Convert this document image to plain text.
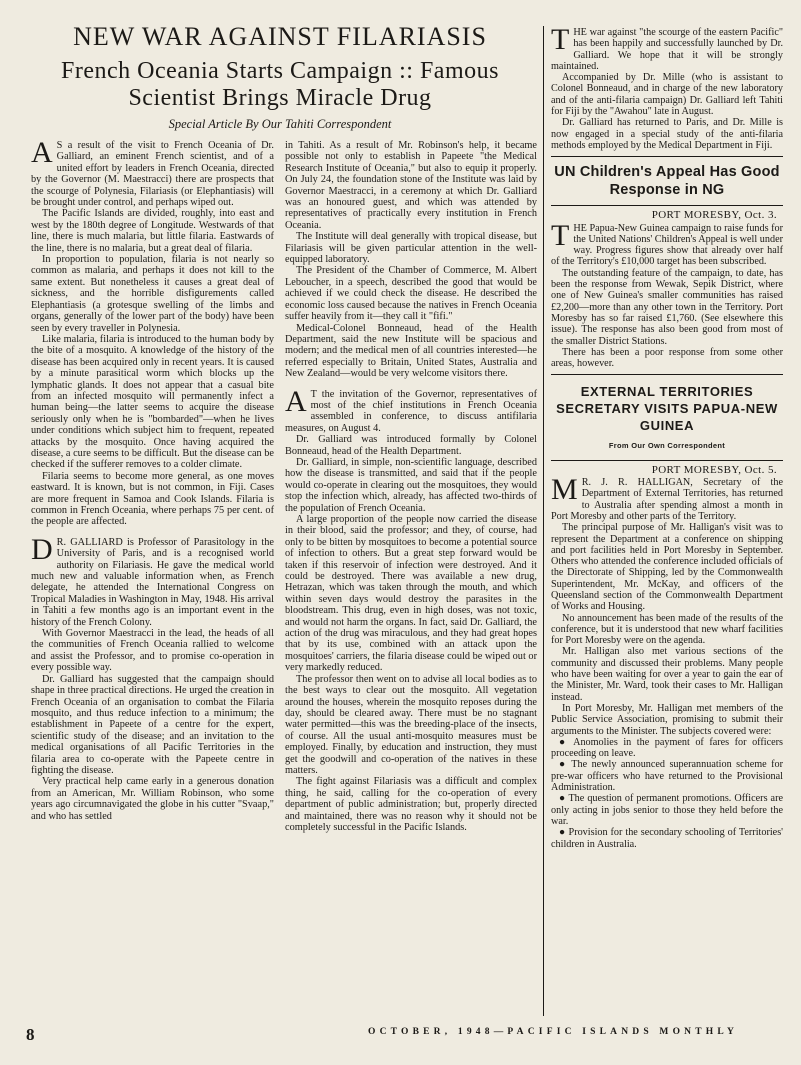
NEW WAR AGAINST FILARIASIS
French Oceania Starts Campaign :: Famous
Scientist Brings Miracle Drug
Special Article By Our Tahiti Correspondent

A S a result of the visit to French Oceania of Dr. Galliard, an eminent French scientist, and of a united effort by leaders in French Oceania, directed by the Governor (M. Maestracci) there are prospects that the scourge of Polynesia, Filariasis (or Elephantiasis) will be brought under control, and perhaps wiped out.

The Pacific Islands are divided, roughly, into east and west by the 180th degree of Longitude. Westwards of that line, there is much malaria, but little filaria. Eastwards of the line, there is no malaria, but a great deal of filaria.

In proportion to population, filaria is not nearly so common as malaria, and perhaps it does not kill to the same extent. But nonetheless it causes a great deal of sickness, and the horrible disfigurements called Elephantiasis (a grotesque swelling of the limbs and organs, generally of the lower part of the body) have been seen by every traveller in Polynesia.

Like malaria, filaria is introduced to the human body by the bite of a mosquito. A knowledge of the history of the disease has been acquired only in recent years. It is caused by a minute parasitical worm which blocks up the lymphatic glands. It does not appear that a casual bite from an infected mosquito will permanently infect a human being—the latter seems to acquire the disease seriously only when he is "bombarded"—when he lives under conditions which subject him to frequent, repeated attacks by the mosquito. Once having acquired the disease, a cure seems to be difficult. But the disease can be checked if the sufferer removes to a colder climate.

Filaria seems to become more general, as one moves eastward. It is known, but is not common, in Fiji. Cases are more frequent in Samoa and Cook Islands. Filaria is common in French Oceania, where perhaps 75 per cent. of the people are affected.

D R. GALLIARD is Professor of Parasitology in the University of Paris, and is a recognised world authority on Filariasis. He gave the medical world much new and valuable information when, as French delegate, he attended the International Congress on Tropical Maladies in Washington in May, 1948. His arrival in Tahiti a few months ago is an important event in the history of the French Colony.

With Governor Maestracci in the lead, the heads of all the communities of French Oceania rallied to welcome and assist the Professor, and to promise co-operation in every possible way.

Dr. Galliard has suggested that the campaign should shape in three practical directions. He urged the creation in French Oceania of an organisation to combat the Filaria mosquito, and thus reduce infection to a minimum; the establishment in Papeete of a centre for the expert, scientific study of the disease; and an invitation to the medical organisations of all Pacific Territories in the filaria area to co-operate with the Papeete centre in fighting the disease.

Very practical help came early in a generous donation from an American, Mr. William Robinson, who some years ago circumnavigated the globe in his cutter "Svaap," and who has settled

in Tahiti. As a result of Mr. Robinson's help, it became possible not only to establish in Papeete "the Medical Research Institute of Oceania," but also to equip it properly. On July 24, the foundation stone of the Institute was laid by Governor Maestracci, in a ceremony at which Dr. Galliard was an honoured guest, and which was attended by representatives of practically every institution in French Oceania.

The Institute will deal generally with tropical disease, but Filariasis will be given particular attention in the well-equipped laboratory.

The President of the Chamber of Commerce, M. Albert Leboucher, in a speech, described the good that would be achieved if we could check the disease. He described the economic loss caused because the natives in French Oceania suffer heavily from it—they call it "fifi."

Medical-Colonel Bonneaud, head of the Health Department, said the new Institute will be spacious and modern; and the medical men of all countries interested—he referred especially to Britain, United States, Australia and New Zealand—would be very welcome visitors there.

A T the invitation of the Governor, representatives of most of the chief institutions in French Oceania assembled in conference, to discuss antifilaria measures, on August 4.

Dr. Galliard was introduced formally by Colonel Bonneaud, head of the Health Department.

Dr. Galliard, in simple, non-scientific language, described how the disease is transmitted, and said that if the people would co-operate in clearing out the mosquitoes, they would stop the infection which, already, has affected two-thirds of the population of French Oceania.

A large proportion of the people now carried the disease in their blood, said the professor; and they, of course, had only to be bitten by mosquitoes to become a potential source of infection to others. But a great step forward would be taken if this reservoir of infection were destroyed. And it could be destroyed. There was available a new drug, Hetrazan, which was taken through the mouth, and which within seven days would destroy the parasites in the bloodstream. This drug, even in high doses, was not toxic, and would not harm the organs. In fact, said Dr. Galliard, the action of the drug was miraculous, and they had great hopes that by its use, combined with an attack upon the mosquitoes' carriers, the filaria disease could be wiped out or very markedly reduced.

The professor then went on to advise all local bodies as to the best ways to clear out the mosquito. All vegetation around the houses, wherein the mosquito reposes during the day, should be cleared away. There must be no stagnant water permitted—this was the breeding-place of the insects, of course. All the usual anti-mosquito measures must be employed. Finally, by education and instruction, they must get the goodwill and co-operation of the natives in these matters.

The fight against Filariasis was a difficult and complex thing, he said, calling for the co-operation of every department of public administration; but, properly directed and maintained, there was no reason why it should not be completely successful in the Pacific Islands.

THE war against "the scourge of the eastern Pacific" has been happily and successfully launched by Dr. Galliard. We hope that it will be strongly maintained.

Accompanied by Dr. Mille (who is assistant to Colonel Bonneaud, and in charge of the new laboratory and of the anti-filaria campaign) Dr. Galliard left Tahiti for Fiji by the "Awahou" late in August.

Dr. Galliard has returned to Paris, and Dr. Mille is now engaged in a special study of the anti-filaria methods employed by the Medical Department in Fiji.

UN Children's Appeal Has Good Response in NG
PORT MORESBY, Oct. 3.

THE Papua-New Guinea campaign to raise funds for the United Nations' Children's Appeal is well under way. Progress figures show that already over half of the Territory's £10,000 target has been subscribed.

The outstanding feature of the campaign, to date, has been the response from Wewak, Sepik District, where one of New Guinea's smaller communities has raised £2,200—more than any other town in the Territory. Port Moresby has so far raised £1,760. (See elsewhere this issue). The response has also been good from most of the smaller District Stations.

There has been a poor response from some other areas, however.

EXTERNAL TERRITORIES SECRETARY VISITS PAPUA-NEW GUINEA
From Our Own Correspondent
PORT MORESBY, Oct. 5.

M R. J. R. HALLIGAN, Secretary of the Department of External Territories, has returned to Australia after spending almost a month in Port Moresby and other parts of the Territory.

The principal purpose of Mr. Halligan's visit was to represent the Department at a conference on shipping and port facilities held in Port Moresby in September. Others who attended the conference included officials of the Directorate of Shipping, led by the Commonwealth Superintendent, Mr. McKay, and officers of the Queensland section of the Commonwealth Department of Works and Housing.

No announcement has been made of the results of the conference, but it is understood that new wharf facilities for Port Moresby were on the agenda.

Mr. Halligan also met various sections of the community and discussed their problems. Many people who have been waiting for over a year to gain the ear of the Minister, Mr. Ward, took their cases to Mr. Halligan instead.

In Port Moresby, Mr. Halligan met members of the Public Service Association, promising to submit their arguments to the Minister. The subjects covered were:

● Anomolies in the payment of fares for officers proceeding on leave.

● The newly announced superannuation scheme for pre-war officers who have returned to the Provisional Administration.

● The question of permanent promotions. Officers are only acting in jobs senior to those they held before the war.

● Provision for the secondary schooling of Territories' children in Australia.

8	OCTOBER, 1948—PACIFIC ISLANDS MONTHLY
